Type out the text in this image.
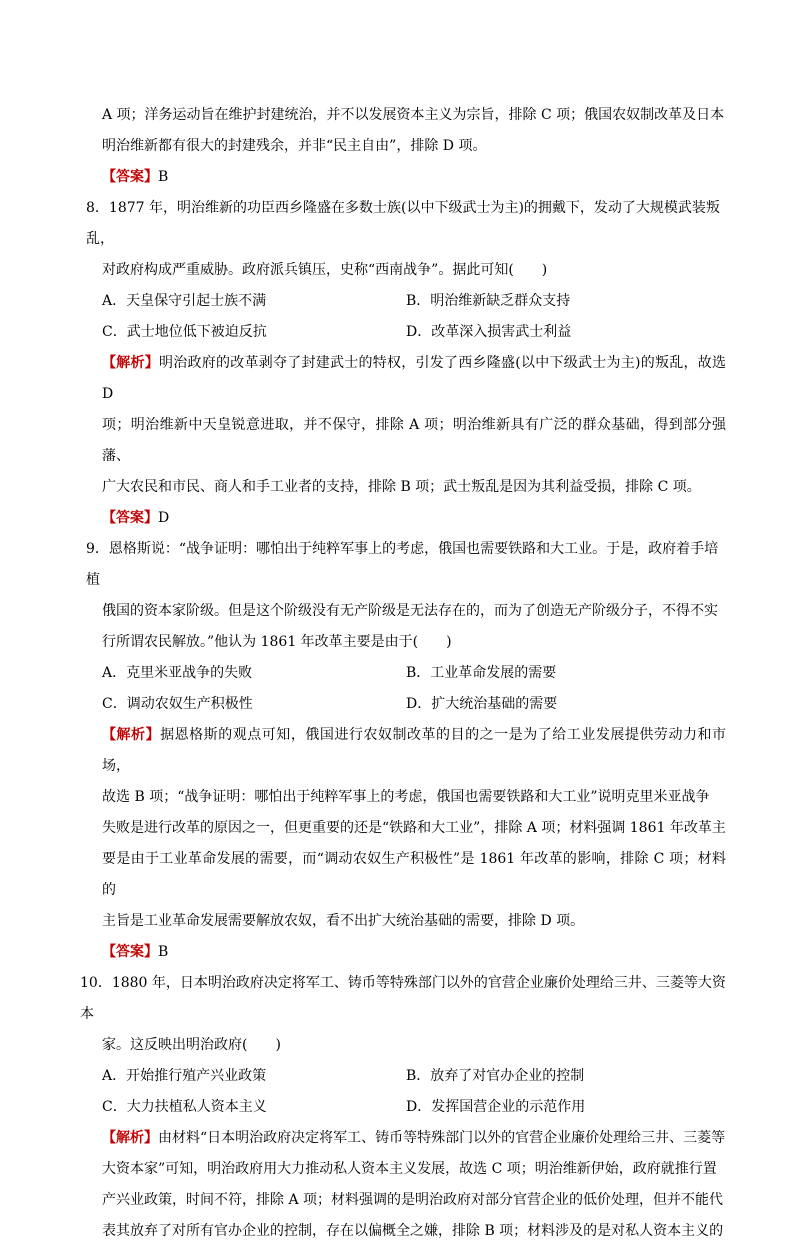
A 项；洋务运动旨在维护封建统治，并不以发展资本主义为宗旨，排除 C 项；俄国农奴制改革及日本

明治维新都有很大的封建残余，并非“民主自由”，排除 D 项。

【答案】B

8．1877 年，明治维新的功臣西乡隆盛在多数士族(以中下级武士为主)的拥戴下，发动了大规模武装叛乱，

对政府构成严重威胁。政府派兵镇压，史称“西南战争”。据此可知(　　)

A．天皇保守引起士族不满	B．明治维新缺乏群众支持
C．武士地位低下被迫反抗	D．改革深入损害武士利益

【解析】明治政府的改革剥夺了封建武士的特权，引发了西乡隆盛(以中下级武士为主)的叛乱，故选 D

项；明治维新中天皇锐意进取，并不保守，排除 A 项；明治维新具有广泛的群众基础，得到部分强藩、

广大农民和市民、商人和手工业者的支持，排除 B 项；武士叛乱是因为其利益受损，排除 C 项。

【答案】D

9．恩格斯说：“战争证明：哪怕出于纯粹军事上的考虑，俄国也需要铁路和大工业。于是，政府着手培植

俄国的资本家阶级。但是这个阶级没有无产阶级是无法存在的，而为了创造无产阶级分子，不得不实

行所谓农民解放。”他认为 1861 年改革主要是由于(　　)

A．克里米亚战争的失败	B．工业革命发展的需要
C．调动农奴生产积极性	D．扩大统治基础的需要

【解析】据恩格斯的观点可知，俄国进行农奴制改革的目的之一是为了给工业发展提供劳动力和市场，

故选 B 项；“战争证明：哪怕出于纯粹军事上的考虑，俄国也需要铁路和大工业”说明克里米亚战争

失败是进行改革的原因之一，但更重要的还是“铁路和大工业”，排除 A 项；材料强调 1861 年改革主

要是由于工业革命发展的需要，而“调动农奴生产积极性”是 1861 年改革的影响，排除 C 项；材料的

主旨是工业革命发展需要解放农奴，看不出扩大统治基础的需要，排除 D 项。

【答案】B

10．1880 年，日本明治政府决定将军工、铸币等特殊部门以外的官营企业廉价处理给三井、三菱等大资本

家。这反映出明治政府(　　)

A．开始推行殖产兴业政策	B．放弃了对官办企业的控制
C．大力扶植私人资本主义	D．发挥国营企业的示范作用

【解析】由材料“日本明治政府决定将军工、铸币等特殊部门以外的官营企业廉价处理给三井、三菱等

大资本家”可知，明治政府用大力推动私人资本主义发展，故选 C 项；明治维新伊始，政府就推行置

产兴业政策，时间不符，排除 A 项；材料强调的是明治政府对部分官营企业的低价处理，但并不能代

表其放弃了对所有官办企业的控制，存在以偏概全之嫌，排除 B 项；材料涉及的是对私人资本主义的
